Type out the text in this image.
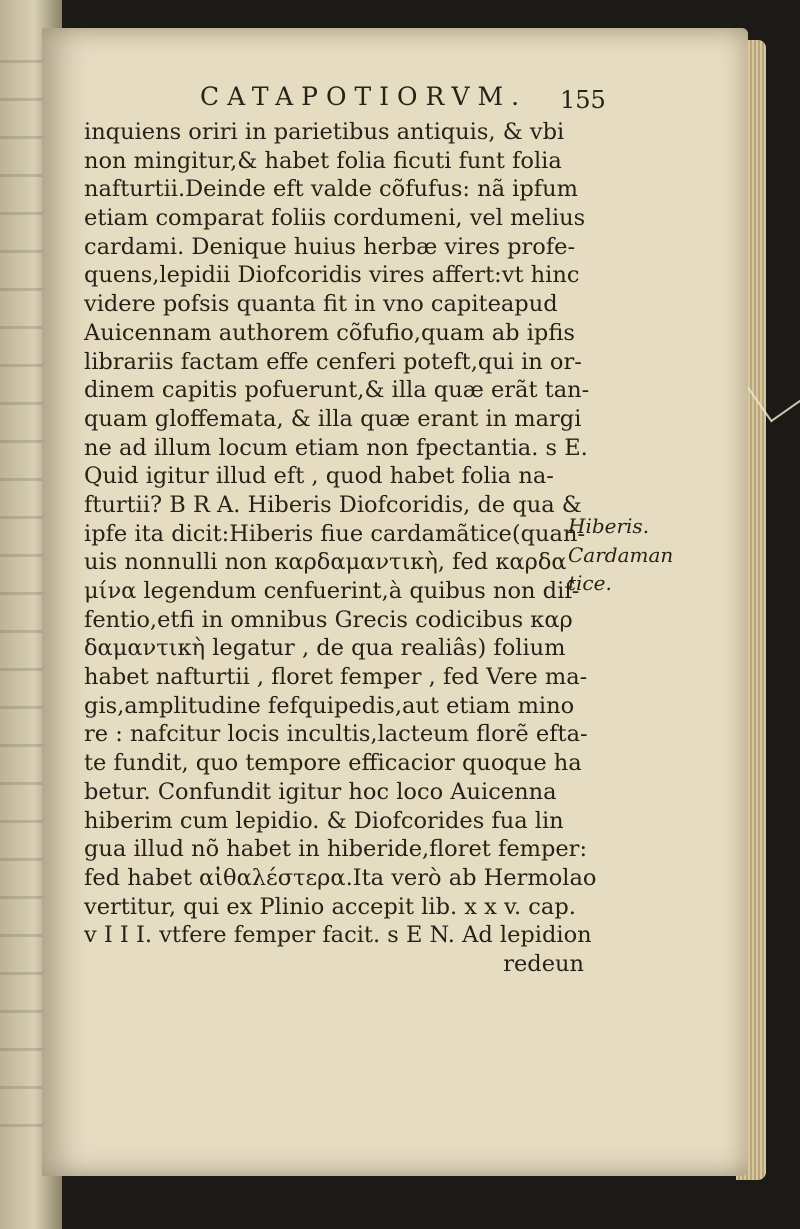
CATAPOTIORVM. 155
inquiens oriri in parietibus antiquis, & vbi
non mingitur,& habet folia ficuti funt folia
nafturtii.Deinde eft valde cõfufus: nã ipfum
etiam comparat foliis cordumeni, vel melius
cardami. Denique huius herbæ vires profe-
quens,lepidii Diofcoridis vires affert:vt hinc
videre pofsis quanta fit in vno capiteapud
Auicennam authorem cõfufio,quam ab ipfis
librariis factam effe cenferi poteft,qui in or-
dinem capitis pofuerunt,& illa quæ erãt tan-
quam gloffemata, & illa quæ erant in margi
ne ad illum locum etiam non fpectantia. s E.
Quid igitur illud eft , quod habet folia na-
fturtii? B R A. Hiberis Diofcoridis, de qua &
ipfe ita dicit:Hiberis fiue cardamãtice(quan-
uis nonnulli non καρδαμαντικὴ, fed καρδα
μίνα legendum cenfuerint,à quibus non dif-
fentio,etfi in omnibus Grecis codicibus καρ
δαμαντικὴ legatur , de qua realiâs) folium
habet nafturtii , floret femper , fed Vere ma-
gis,amplitudine fefquipedis,aut etiam mino
re : nafcitur locis incultis,lacteum florẽ efta-
te fundit, quo tempore efficacior quoque ha
betur. Confundit igitur hoc loco Auicenna
hiberim cum lepidio. & Diofcorides fua lin
gua illud nõ habet in hiberide,floret femper:
fed habet αἰθαλέστερα.Ita verò ab Hermolao
vertitur, qui ex Plinio accepit lib. x x v. cap.
v I I I. vtfere femper facit. s E N. Ad lepidion
redeun
Hiberis.
Cardaman
tice.
